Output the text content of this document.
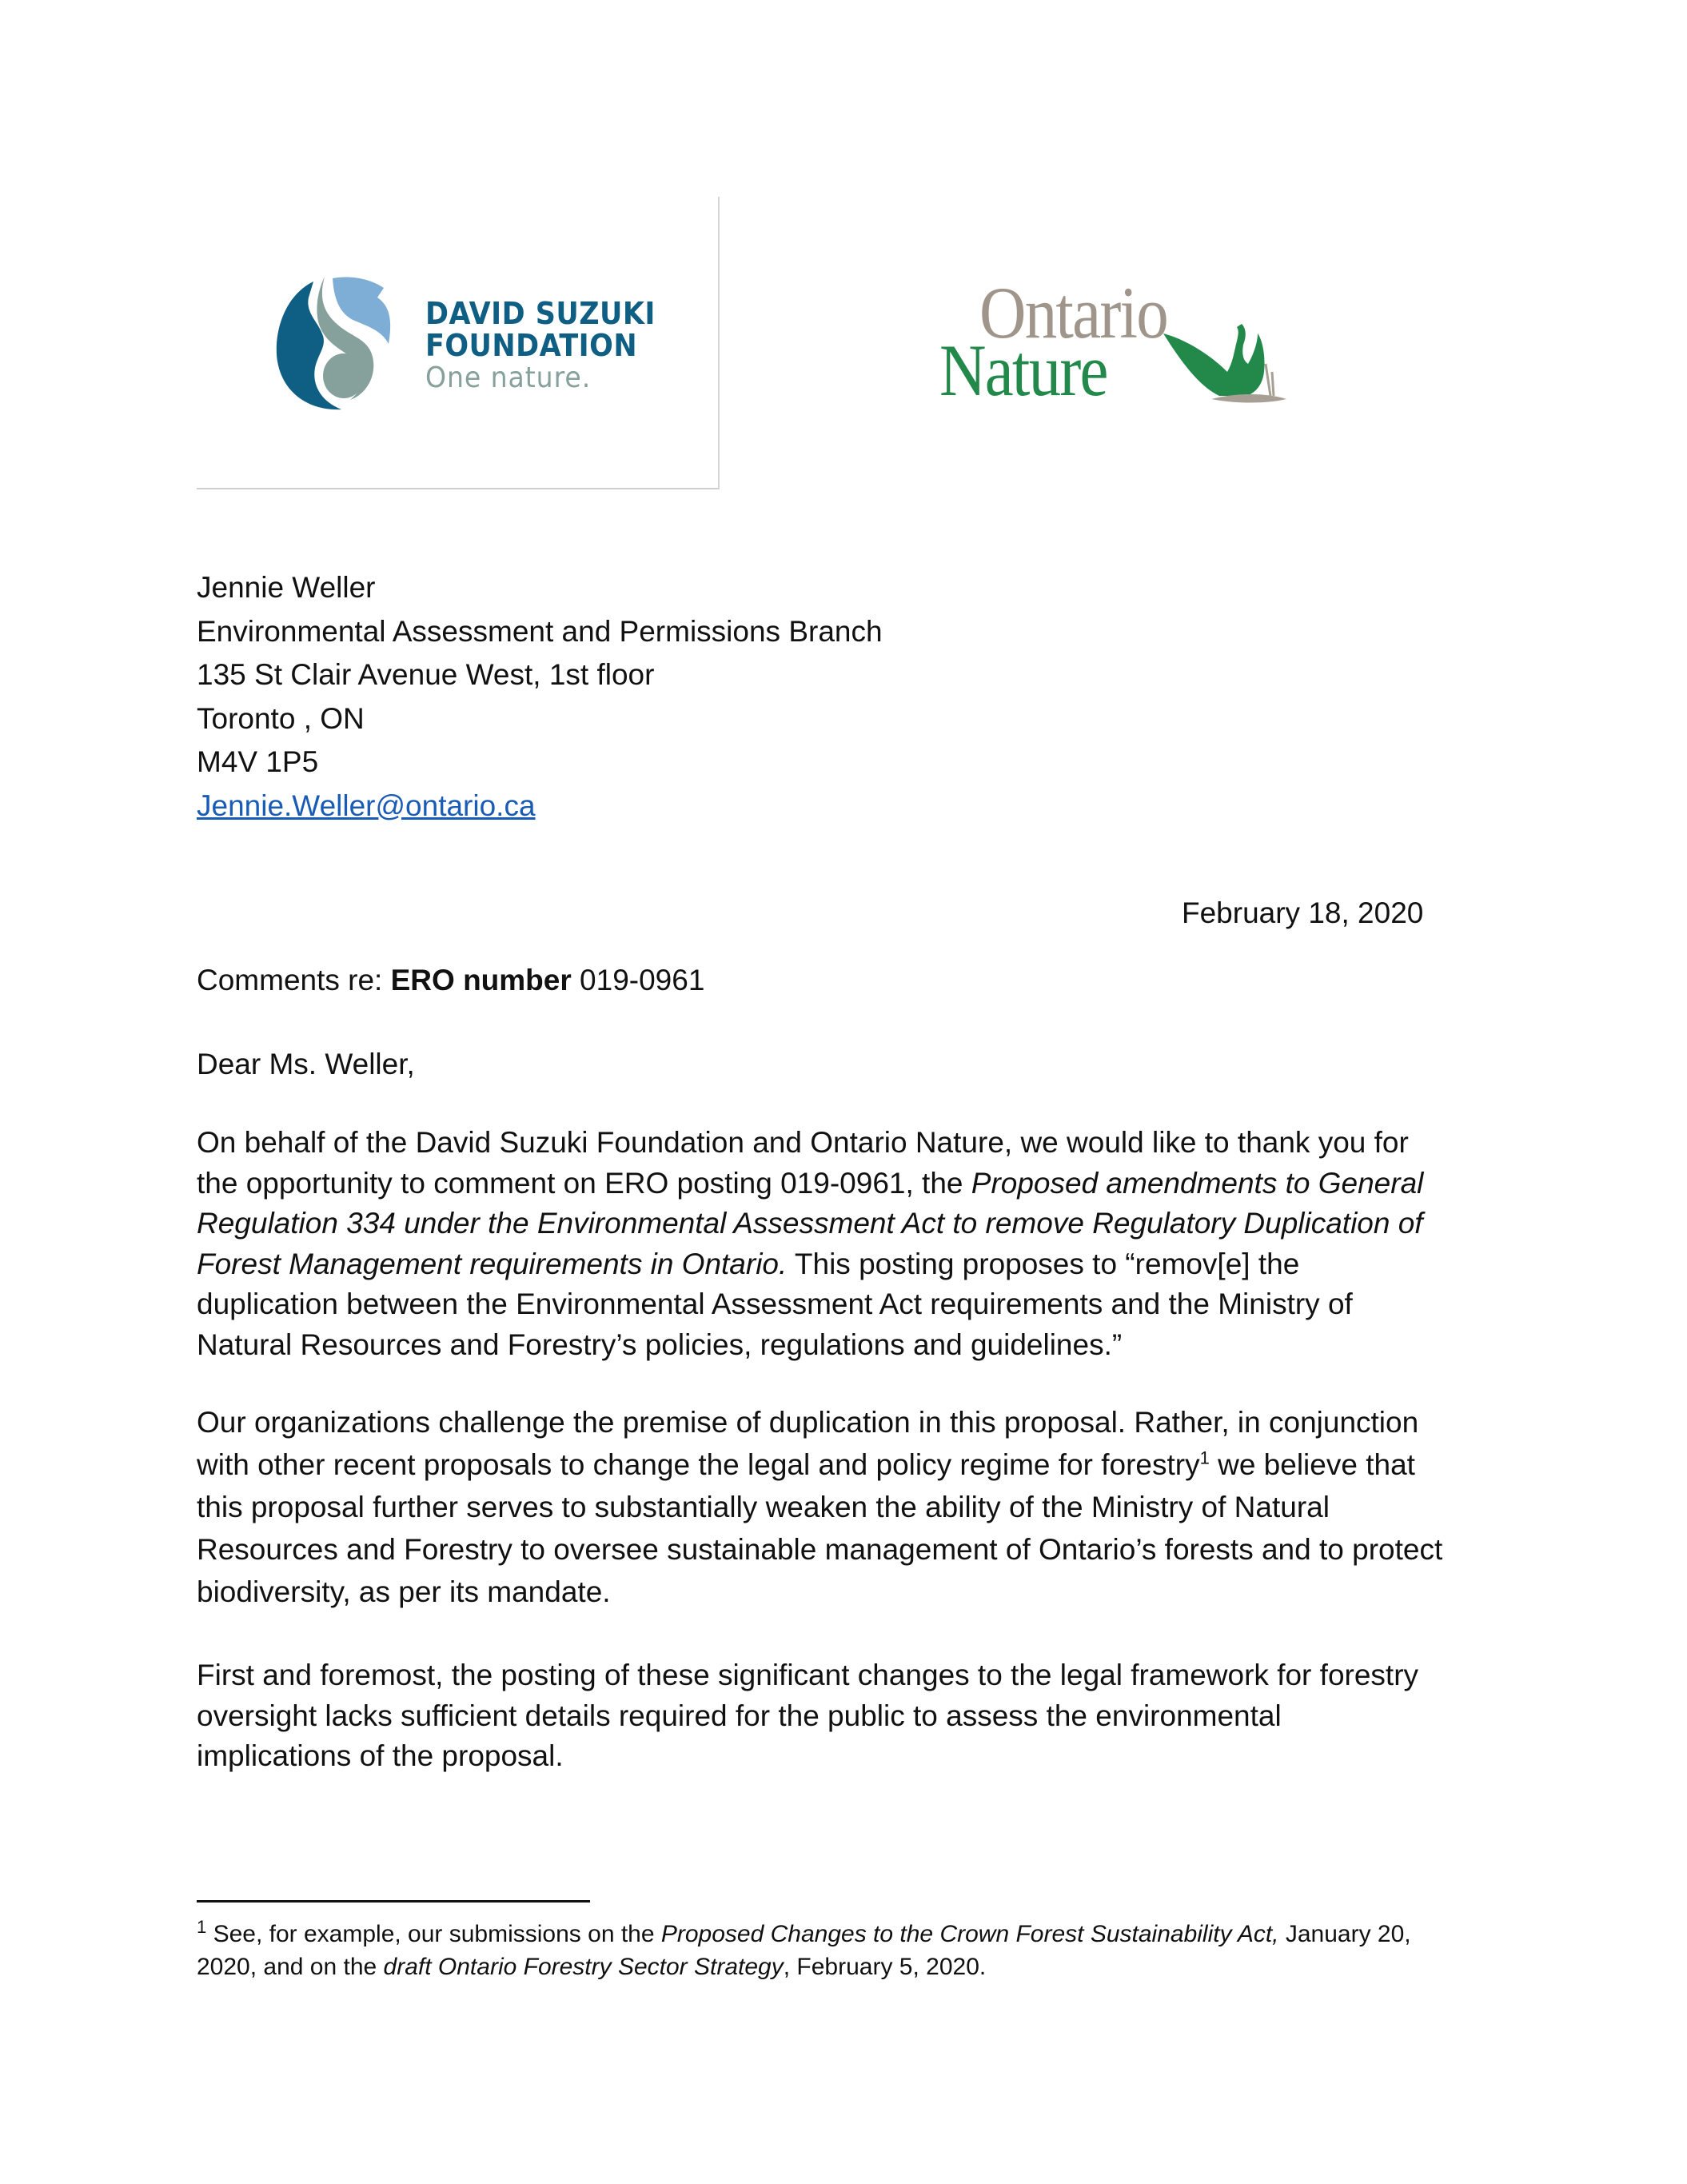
DAVID SUZUKI
FOUNDATION
One nature.
Ontario
Nature
Jennie Weller
Environmental Assessment and Permissions Branch
135 St Clair Avenue West, 1st floor
Toronto , ON
M4V 1P5
Jennie.Weller@ontario.ca
February 18, 2020
Comments re: ERO number 019-0961
Dear Ms. Weller,
On behalf of the David Suzuki Foundation and Ontario Nature, we would like to thank you for
the opportunity to comment on ERO posting 019-0961, the Proposed amendments to General
Regulation 334 under the Environmental Assessment Act to remove Regulatory Duplication of
Forest Management requirements in Ontario. This posting proposes to “remov[e] the
duplication between the Environmental Assessment Act requirements and the Ministry of
Natural Resources and Forestry’s policies, regulations and guidelines.”
Our organizations challenge the premise of duplication in this proposal. Rather, in conjunction
with other recent proposals to change the legal and policy regime for forestry$^1$ we believe that
this proposal further serves to substantially weaken the ability of the Ministry of Natural
Resources and Forestry to oversee sustainable management of Ontario’s forests and to protect
biodiversity, as per its mandate.
First and foremost, the posting of these significant changes to the legal framework for forestry
oversight lacks sufficient details required for the public to assess the environmental
implications of the proposal.
$^1$ See, for example, our submissions on the Proposed Changes to the Crown Forest Sustainability Act, January 20,
2020, and on the draft Ontario Forestry Sector Strategy, February 5, 2020.
